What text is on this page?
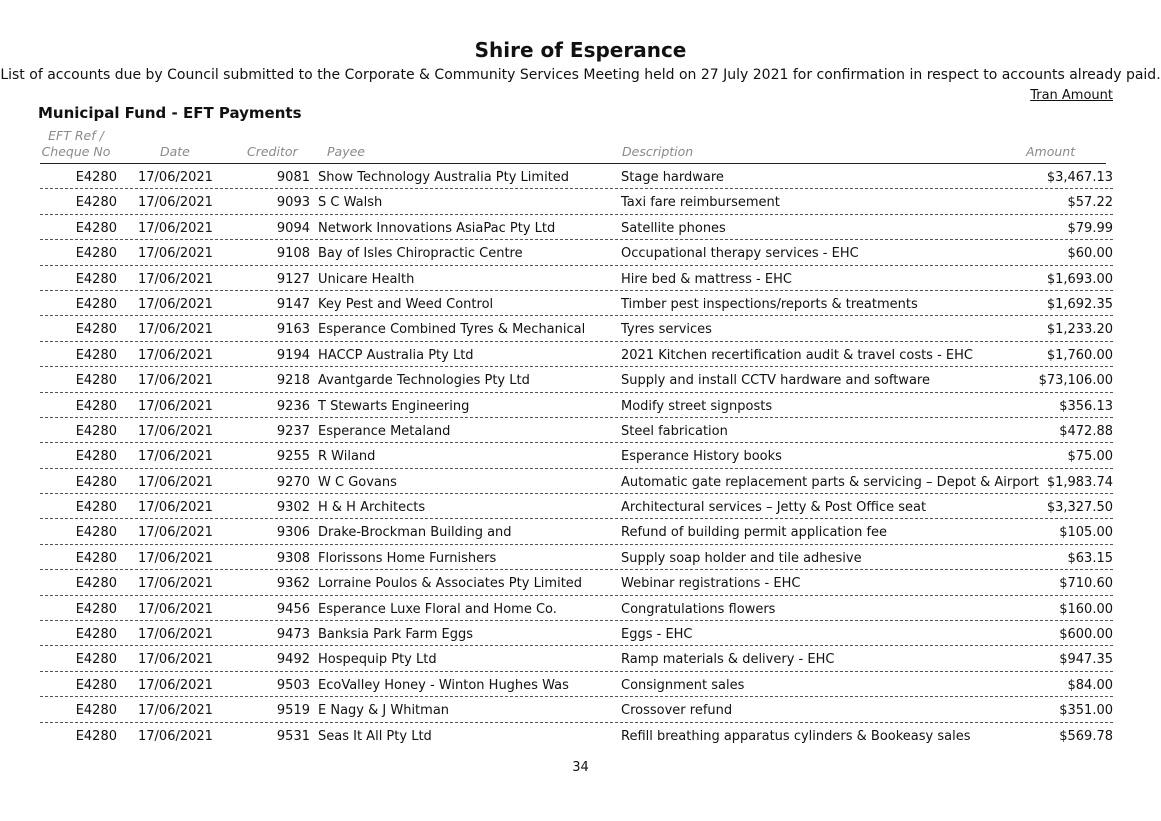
Shire of Esperance
List of accounts due by Council submitted to the Corporate & Community Services Meeting held on 27 July 2021 for confirmation in respect to accounts already paid.
Tran Amount
Municipal Fund - EFT Payments
EFT Ref /
Cheque No	Date	Creditor Payee	Description	Amount
E4280 17/06/2021	9081 Show Technology Australia Pty Limited	Stage hardware	$3,467.13
E4280 17/06/2021	9093 S C Walsh	Taxi fare reimbursement	$57.22
E4280 17/06/2021	9094 Network Innovations AsiaPac Pty Ltd	Satellite phones	$79.99
E4280 17/06/2021	9108 Bay of Isles Chiropractic Centre	Occupational therapy services - EHC	$60.00
E4280 17/06/2021	9127 Unicare Health	Hire bed & mattress - EHC	$1,693.00
E4280 17/06/2021	9147 Key Pest and Weed Control	Timber pest inspections/reports & treatments	$1,692.35
E4280 17/06/2021	9163 Esperance Combined Tyres & Mechanical	Tyres services	$1,233.20
E4280 17/06/2021	9194 HACCP Australia Pty Ltd	2021 Kitchen recertification audit & travel costs - EHC	$1,760.00
E4280 17/06/2021	9218 Avantgarde Technologies Pty Ltd	Supply and install CCTV hardware and software	$73,106.00
E4280 17/06/2021	9236 T Stewarts Engineering	Modify street signposts	$356.13
E4280 17/06/2021	9237 Esperance Metaland	Steel fabrication	$472.88
E4280 17/06/2021	9255 R Wiland	Esperance History books	$75.00
E4280 17/06/2021	9270 W C Govans	Automatic gate replacement parts & servicing – Depot & Airport $1,983.74
E4280 17/06/2021	9302 H & H Architects	Architectural services – Jetty & Post Office seat	$3,327.50
E4280 17/06/2021	9306 Drake-Brockman Building and	Refund of building permit application fee	$105.00
E4280 17/06/2021	9308 Florissons Home Furnishers	Supply soap holder and tile adhesive	$63.15
E4280 17/06/2021	9362 Lorraine Poulos & Associates Pty Limited	Webinar registrations - EHC	$710.60
E4280 17/06/2021	9456 Esperance Luxe Floral and Home Co.	Congratulations flowers	$160.00
E4280 17/06/2021	9473 Banksia Park Farm Eggs	Eggs - EHC	$600.00
E4280 17/06/2021	9492 Hospequip Pty Ltd	Ramp materials & delivery - EHC	$947.35
E4280 17/06/2021	9503 EcoValley Honey - Winton Hughes Was	Consignment sales	$84.00
E4280 17/06/2021	9519 E Nagy & J Whitman	Crossover refund	$351.00
E4280 17/06/2021	9531 Seas It All Pty Ltd	Refill breathing apparatus cylinders & Bookeasy sales	$569.78
34
